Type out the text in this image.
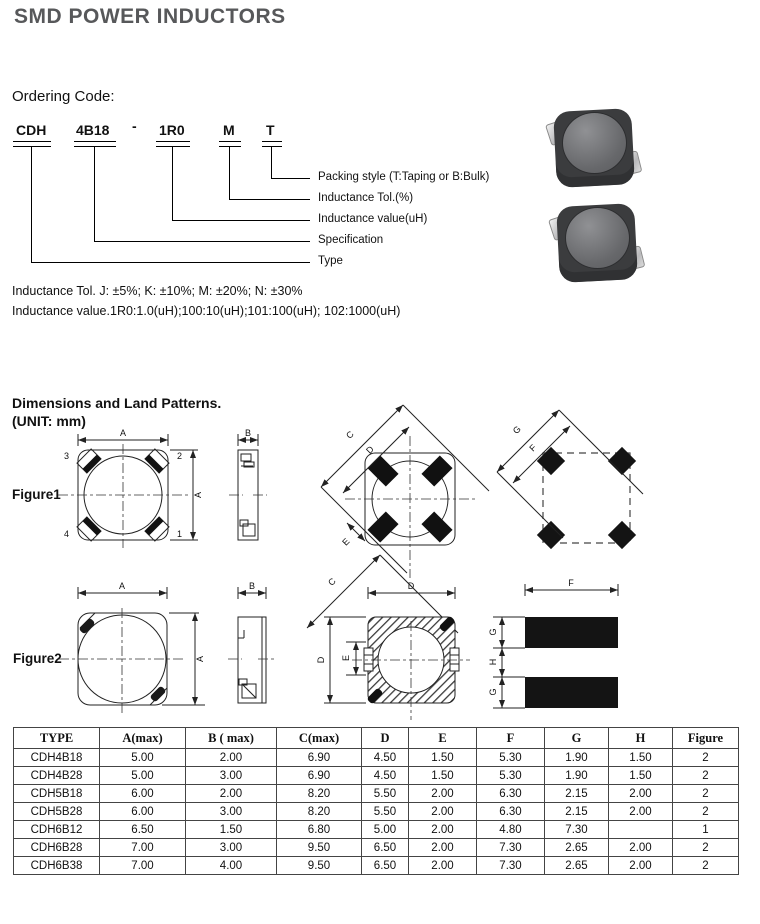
SMD POWER INDUCTORS
Ordering Code:
CDH 4B18 - 1R0	M T
Packing style (T:Taping or B:Bulk)
Inductance Tol.(%)
Inductance value(uH)
Specification
Type
Inductance Tol. J: ±5%; K: ±10%; M: ±20%; N: ±30%
Inductance value.1R0:1.0(uH);100:10(uH);101:100(uH); 102:1000(uH)
Dimensions and Land Patterns.
(UNIT: mm)
Figure1
Figure2
A
3	2
4	1
A
B	C
D
E
G
F
A
A
B	D
D
C
E
F
G
H
G
TYPE	A(max)	B ( max)	C(max)	D	E	F	G	H	Figure
CDH4B18	5.00	2.00	6.90	4.50	1.50	5.30	1.90	1.50	2
CDH4B28	5.00	3.00	6.90	4.50	1.50	5.30	1.90	1.50	2
CDH5B18	6.00	2.00	8.20	5.50	2.00	6.30	2.15	2.00	2
CDH5B28	6.00	3.00	8.20	5.50	2.00	6.30	2.15	2.00	2
CDH6B12	6.50	1.50	6.80	5.00	2.00	4.80	7.30		1
CDH6B28	7.00	3.00	9.50	6.50	2.00	7.30	2.65	2.00	2
CDH6B38	7.00	4.00	9.50	6.50	2.00	7.30	2.65	2.00	2
